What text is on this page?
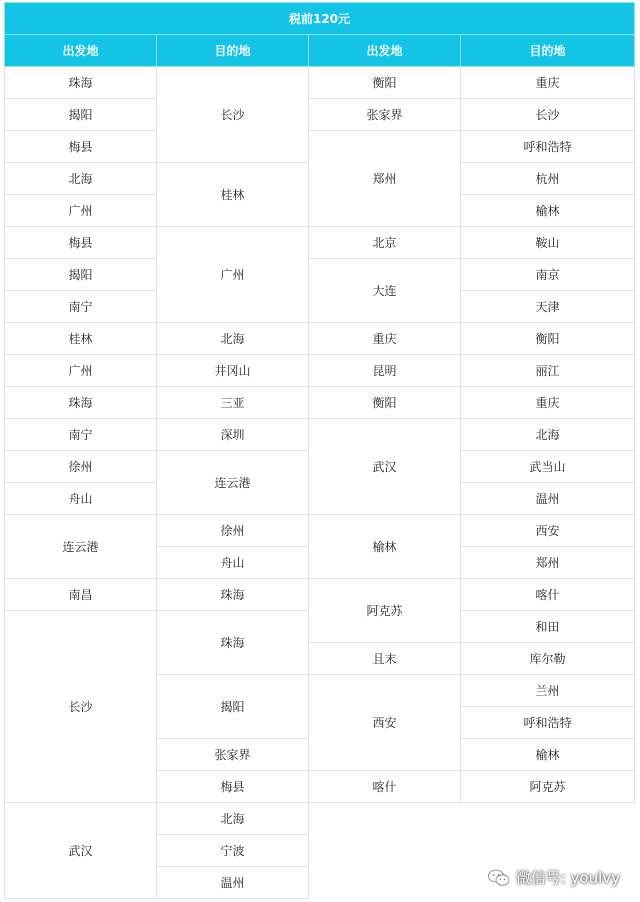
税前120元			
出发地	目的地	出发地	目的地
珠海	长沙	衡阳	重庆
揭阳		张家界	长沙
梅县		郑州	呼和浩特
北海	桂林		杭州
广州			榆林
梅县	广州	北京	鞍山
揭阳		大连	南京
南宁			天津
桂林	北海	重庆	衡阳
广州	井冈山	昆明	丽江
珠海	三亚	衡阳	重庆
南宁	深圳	武汉	北海
徐州	连云港		武当山
舟山			温州
连云港	徐州	榆林	西安
	舟山		郑州
南昌	珠海	阿克苏	喀什
长沙	珠海		和田
		且末	库尔勒
	揭阳	西安	兰州
			呼和浩特
	张家界		榆林
	梅县	喀什	阿克苏
武汉	北海		
	宁波		
	温州			微信号: youlvy
